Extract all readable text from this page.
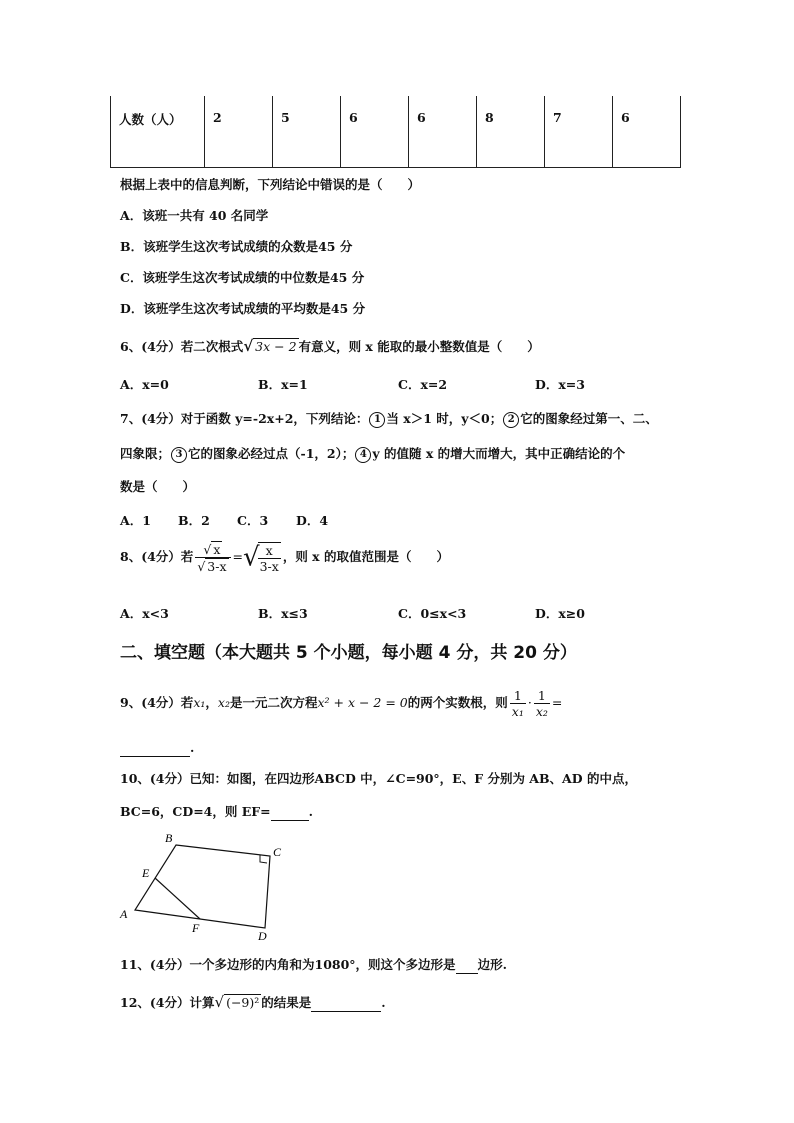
人数（人）	2	5	6	6	8	7	6
根据上表中的信息判断，下列结论中错误的是（　　）
A．该班一共有 40 名同学
B．该班学生这次考试成绩的众数是45 分
C．该班学生这次考试成绩的中位数是45 分
D．该班学生这次考试成绩的平均数是45 分
6、(4分）若二次根式√ 3x − 2 有意义，则 x 能取的最小整数值是（　　）
A．x=0	B．x=1	C．x=2	D．x=3
7、(4分）对于函数 y=-2x+2，下列结论： 1 当 x＞1 时，y＜0； 2 它的图象经过第一、二、
四象限； 3 它的图象必经过点（-1，2）； 4 y 的值随 x 的增大而增大，其中正确结论的个
数是（　　）
A．1 B．2 C．3 D．4
8、(4分）若 $\frac{√ x}{√ 3-x}$ =√
$\frac{x}{3-x}$ ，则 x 的取值范围是（　　）
A．x<3	B．x≤3	C．0≤x<3	D．x≥0
二、填空题（本大题共 5 个小题，每小题 4 分，共 20 分）
9、(4分）若x₁，x₂是一元二次方程x² + x − 2 = 0的两个实数根，则 $\frac{1}{\text{x₁}} \cdot \frac{1}{\text{x₂}}$ =
.
10、(4分）已知：如图，在四边形ABCD 中，∠C=90°，E、F 分别为 AB、AD 的中点，
BC=6，CD=4，则 EF=	.
B
C
E
A
F
D
11、(4分）一个多边形的内角和为1080°，则这个多边形是 边形.
12、(4分）计算√ (−9)² 的结果是	.
